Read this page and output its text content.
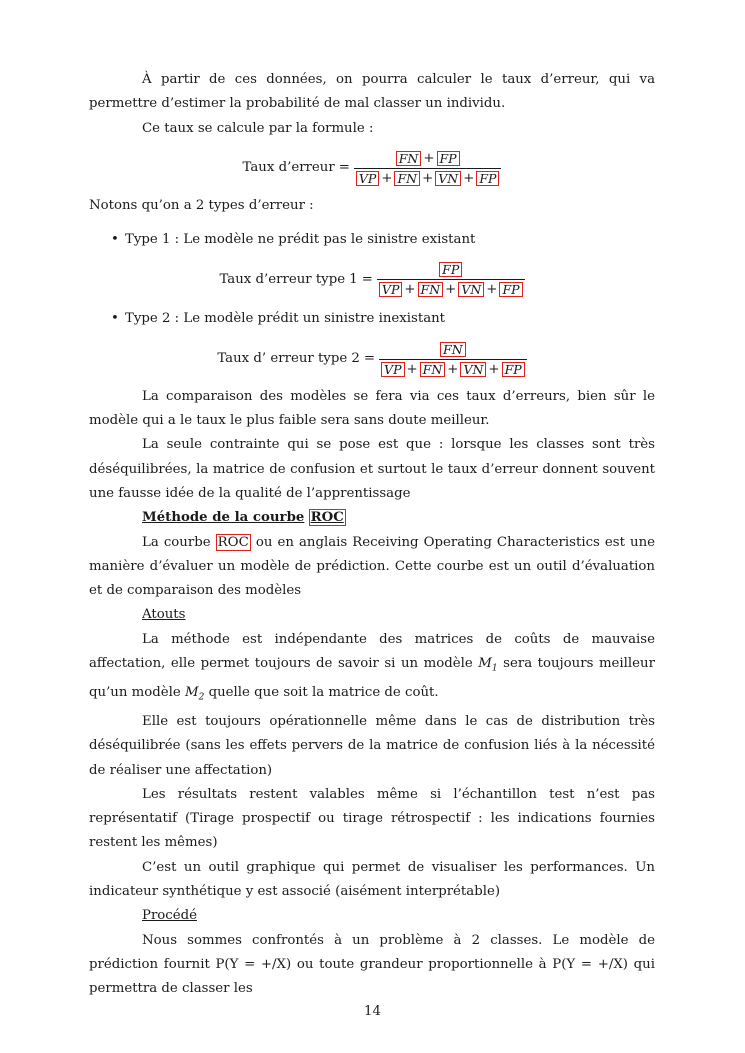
À partir de ces données, on pourra calculer le taux d’erreur, qui va permettre d’estimer la probabilité de mal classer un individu.

Ce taux se calcule par la formule :

Taux d’erreur = $\frac{FN + FP}{VP + FN + VN + FP}$

Notons qu’on a 2 types d’erreur :

• Type 1 : Le modèle ne prédit pas le sinistre existant
Taux d’erreur type $1 = \frac{FP}{VP + FN + VN + FP}$
• Type 2 : Le modèle prédit un sinistre inexistant
Taux d’ erreur type $2 = \frac{FN}{VP + FN + VN + FP}$

La comparaison des modèles se fera via ces taux d’erreurs, bien sûr le modèle qui a le taux le plus faible sera sans doute meilleur.

La seule contrainte qui se pose est que : lorsque les classes sont très déséquilibrées, la matrice de confusion et surtout le taux d’erreur donnent souvent une fausse idée de la qualité de l’apprentissage

Méthode de la courbe ROC

La courbe ROC ou en anglais Receiving Operating Characteristics est une manière d’évaluer un modèle de prédiction. Cette courbe est un outil d’évaluation et de comparaison des modèles

Atouts

La méthode est indépendante des matrices de coûts de mauvaise affectation, elle permet toujours de savoir si un modèle $M_1$ sera toujours meilleur qu’un modèle $M_2$ quelle que soit la matrice de coût.

Elle est toujours opérationnelle même dans le cas de distribution très déséquilibrée (sans les effets pervers de la matrice de confusion liés à la nécessité de réaliser une affectation)

Les résultats restent valables même si l’échantillon test n’est pas représentatif (Tirage prospectif ou tirage rétrospectif : les indications fournies restent les mêmes)

C’est un outil graphique qui permet de visualiser les performances. Un indicateur synthétique y est associé (aisément interprétable)

Procédé

Nous sommes confrontés à un problème à 2 classes. Le modèle de prédiction fournit P(Y = +/X) ou toute grandeur proportionnelle à P(Y = +/X) qui permettra de classer les

14
